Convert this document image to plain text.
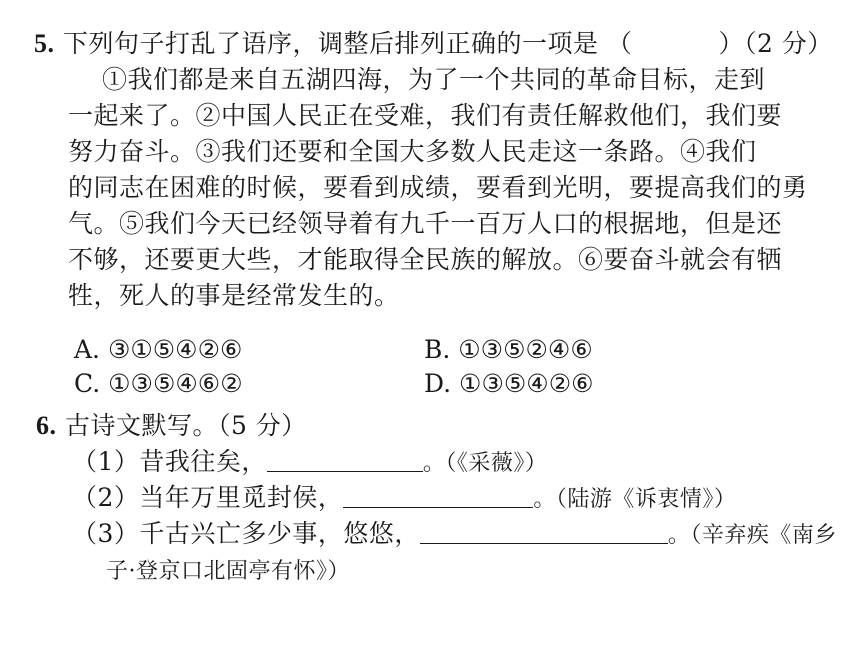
5. 下列句子打乱了语序，调整后排列正确的一项是 （	）（2 分）
①我们都是来自五湖四海，为了一个共同的革命目标，走到
一起来了。②中国人民正在受难，我们有责任解救他们，我们要
努力奋斗。③我们还要和全国大多数人民走这一条路。④我们
的同志在困难的时候，要看到成绩，要看到光明，要提高我们的勇
气。⑤我们今天已经领导着有九千一百万人口的根据地，但是还
不够，还要更大些，才能取得全民族的解放。⑥要奋斗就会有牺
牲，死人的事是经常发生的。
A. ③①⑤④②⑥	B. ①③⑤②④⑥
C. ①③⑤④⑥②	D. ①③⑤④②⑥
6. 古诗文默写。（5 分）
（1）昔我往矣，	。（《采薇》）
（2）当年万里觅封侯，	。（陆游《诉衷情》）
（3）千古兴亡多少事，悠悠，	。（辛弃疾《南乡
子·登京口北固亭有怀》）
